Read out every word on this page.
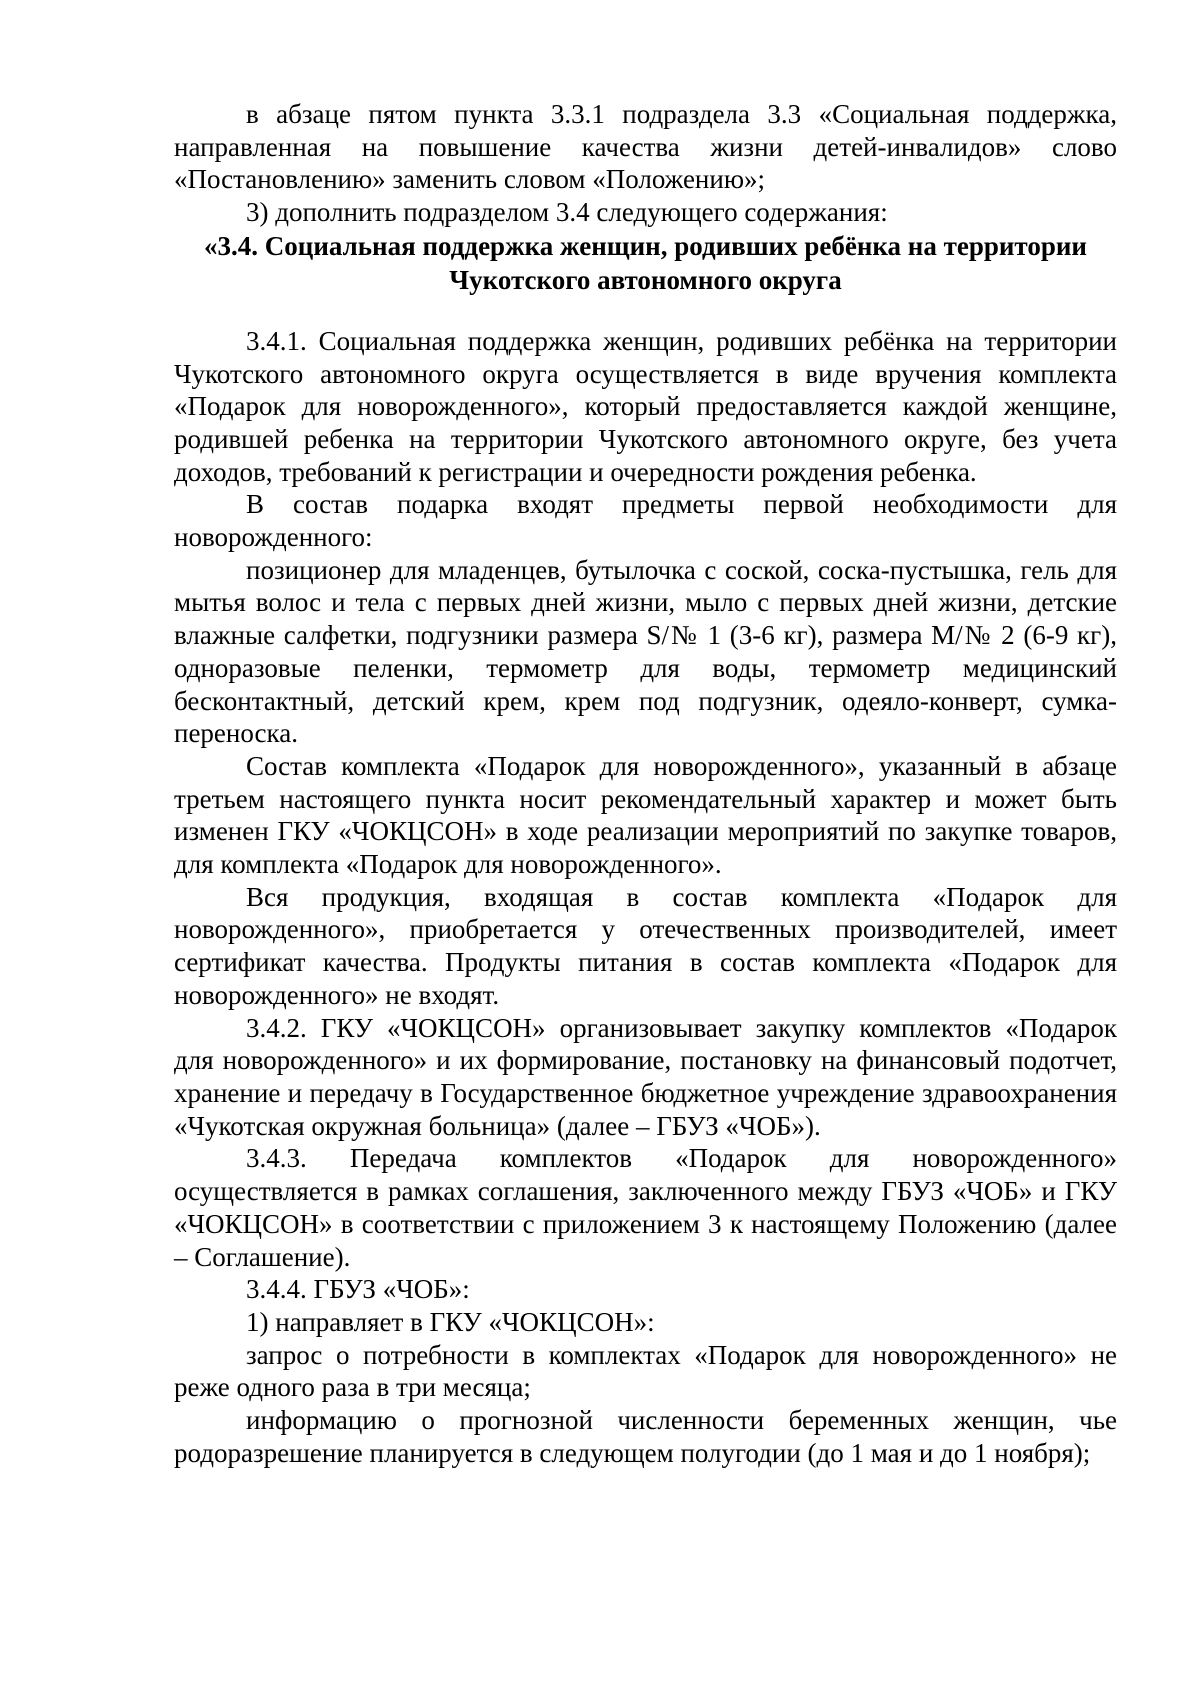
в абзаце пятом пункта 3.3.1 подраздела 3.3 «Социальная поддержка, направленная на повышение качества жизни детей-инвалидов» слово «Постановлению» заменить словом «Положению»;

3) дополнить подразделом 3.4 следующего содержания:

«3.4. Социальная поддержка женщин, родивших ребёнка на территории
Чукотского автономного округа

3.4.1. Социальная поддержка женщин, родивших ребёнка на территории Чукотского автономного округа осуществляется в виде вручения комплекта «Подарок для новорожденного», который предоставляется каждой женщине, родившей ребенка на территории Чукотского автономного округе, без учета доходов, требований к регистрации и очередности рождения ребенка.

В состав подарка входят предметы первой необходимости для новорожденного:

позиционер для младенцев, бутылочка с соской, соска-пустышка, гель для мытья волос и тела с первых дней жизни, мыло с первых дней жизни, детские влажные салфетки, подгузники размера S/№ 1 (3-6 кг), размера M/№ 2 (6-9 кг), одноразовые пеленки, термометр для воды, термометр медицинский бесконтактный, детский крем, крем под подгузник, одеяло-конверт, сумка-переноска.

Состав комплекта «Подарок для новорожденного», указанный в абзаце третьем настоящего пункта носит рекомендательный характер и может быть изменен ГКУ «ЧОКЦСОН» в ходе реализации мероприятий по закупке товаров, для комплекта «Подарок для новорожденного».

Вся продукция, входящая в состав комплекта «Подарок для новорожденного», приобретается у отечественных производителей, имеет сертификат качества. Продукты питания в состав комплекта «Подарок для новорожденного» не входят.

3.4.2. ГКУ «ЧОКЦСОН» организовывает закупку комплектов «Подарок для новорожденного» и их формирование, постановку на финансовый подотчет, хранение и передачу в Государственное бюджетное учреждение здравоохранения «Чукотская окружная больница» (далее – ГБУЗ «ЧОБ»).

3.4.3. Передача комплектов «Подарок для новорожденного» осуществляется в рамках соглашения, заключенного между ГБУЗ «ЧОБ» и ГКУ «ЧОКЦСОН» в соответствии с приложением 3 к настоящему Положению (далее – Соглашение).

3.4.4. ГБУЗ «ЧОБ»:

1) направляет в ГКУ «ЧОКЦСОН»:

запрос о потребности в комплектах «Подарок для новорожденного» не реже одного раза в три месяца;

информацию о прогнозной численности беременных женщин, чье родоразрешение планируется в следующем полугодии (до 1 мая и до 1 ноября);
